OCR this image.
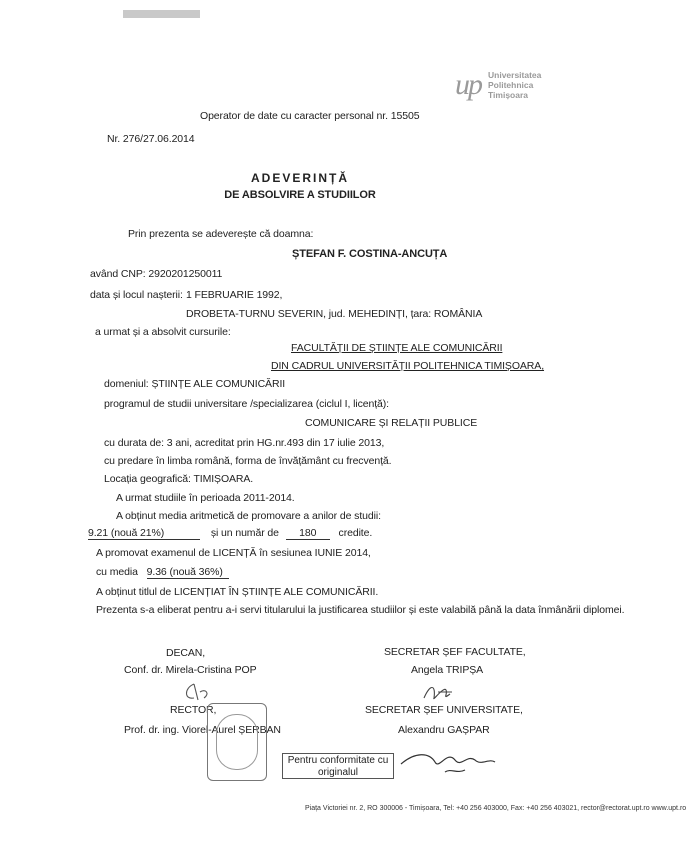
up Universitatea
Politehnica
Timișoara
Operator de date cu caracter personal nr. 15505
Nr. 276/27.06.2014
ADEVERINȚĂ
DE ABSOLVIRE A STUDIILOR
Prin prezenta se adeverește că doamna:
ȘTEFAN F. COSTINA-ANCUȚA
având CNP: 2920201250011
data și locul nașterii: 1 FEBRUARIE 1992,
DROBETA-TURNU SEVERIN, jud. MEHEDINȚI, țara: ROMÂNIA
a urmat și a absolvit cursurile:
FACULTĂȚII DE ȘTIINȚE ALE COMUNICĂRII
DIN CADRUL UNIVERSITĂȚII POLITEHNICA TIMIȘOARA,
domeniul: ȘTIINȚE ALE COMUNICĂRII
programul de studii universitare /specializarea (ciclul I, licență):
COMUNICARE ȘI RELAȚII PUBLICE
cu durata de: 3 ani, acreditat prin HG.nr.493 din 17 iulie 2013,
cu predare în limba română, forma de învățământ cu frecvență.
Locația geografică: TIMIȘOARA.
A urmat studiile în perioada 2011-2014.
A obținut media aritmetică de promovare a anilor de studii:
9.21 (nouă 21%)	și un număr de 180 credite.
A promovat examenul de LICENȚĂ în sesiunea IUNIE 2014,
cu media 9.36 (nouă 36%)
A obținut titlul de LICENȚIAT ÎN ȘTIINȚE ALE COMUNICĂRII.
Prezenta s-a eliberat pentru a-i servi titularului la justificarea studiilor și este valabilă până la data înmânării diplomei.
DECAN,
Conf. dr. Mirela-Cristina POP
SECRETAR ȘEF FACULTATE,
Angela TRIPȘA
RECTOR,
Prof. dr. ing. Viorel-Aurel ȘERBAN
SECRETAR ȘEF UNIVERSITATE,
Alexandru GAȘPAR
Pentru conformitate cu
originalul
Piața Victoriei nr. 2, RO 300006 - Timișoara, Tel: +40 256 403000, Fax: +40 256 403021, rector@rectorat.upt.ro www.upt.ro
